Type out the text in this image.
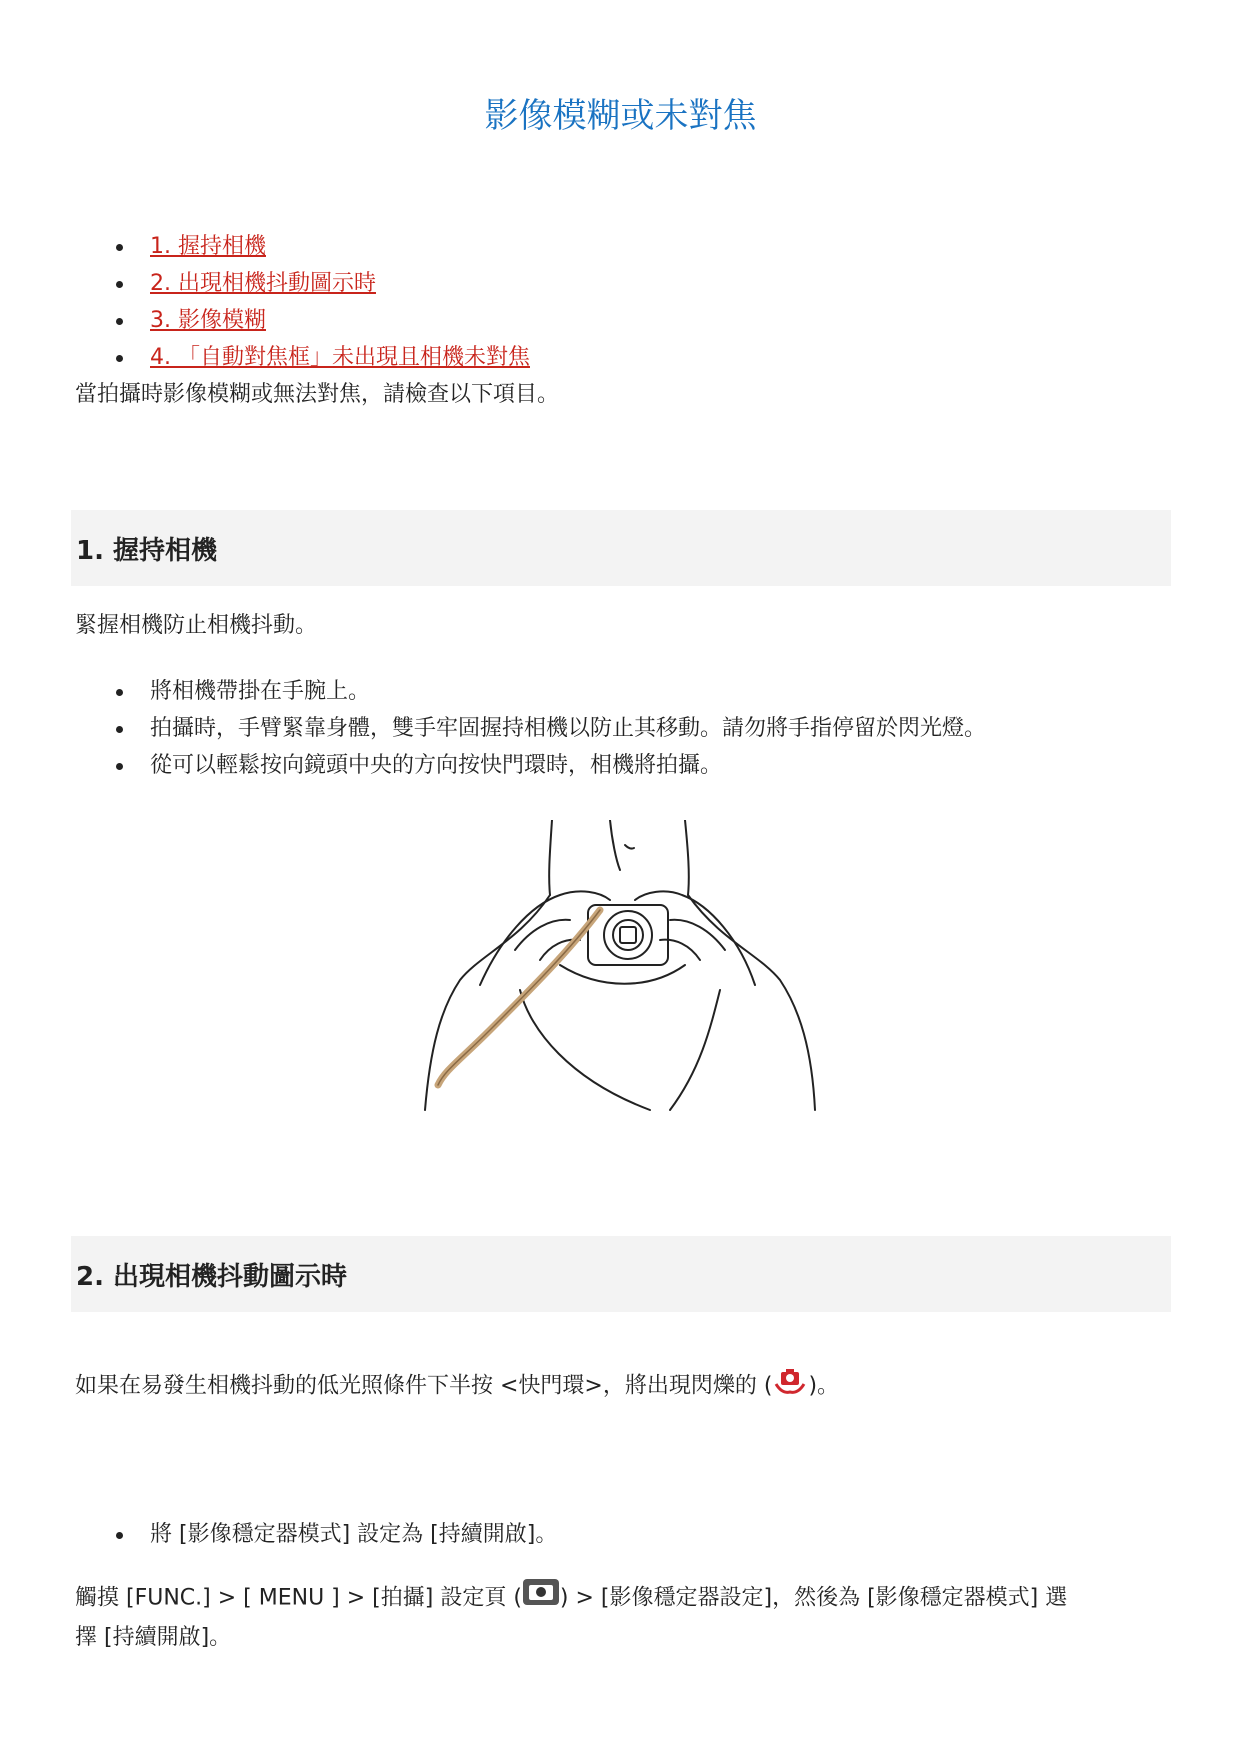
影像模糊或未對焦
1. 握持相機
2. 出現相機抖動圖示時
3. 影像模糊
4. 「自動對焦框」未出現且相機未對焦

當拍攝時影像模糊或無法對焦，請檢查以下項目。

1. 握持相機

緊握相機防止相機抖動。

將相機帶掛在手腕上。
拍攝時，手臂緊靠身體，雙手牢固握持相機以防止其移動。請勿將手指停留於閃光燈。
從可以輕鬆按向鏡頭中央的方向按快門環時，相機將拍攝。
2. 出現相機抖動圖示時

如果在易發生相機抖動的低光照條件下半按 <快門環>，將出現閃爍的 ( )。

將 [影像穩定器模式] 設定為 [持續開啟]。

觸摸 [FUNC.] > [ MENU ] > [拍攝] 設定頁 ( ) > [影像穩定器設定]，然後為 [影像穩定器模式] 選
擇 [持續開啟]。
